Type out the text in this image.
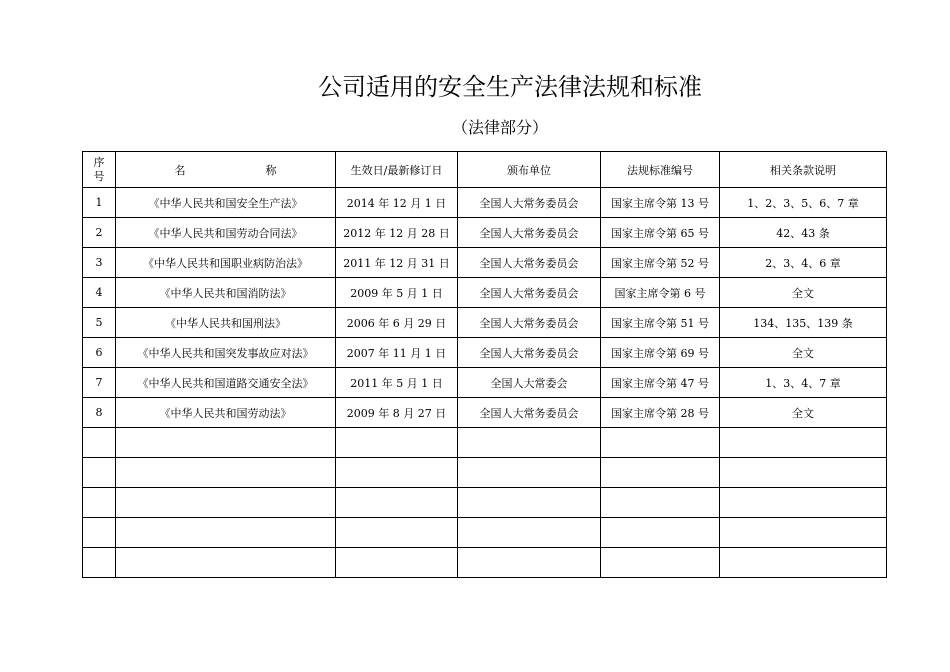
公司适用的安全生产法律法规和标准
（法律部分）
序
号	名 称	生效日/最新修订日	颁布单位	法规标准编号	相关条款说明
1	《中华人民共和国安全生产法》	2014 年 12 月 1 日	全国人大常务委员会	国家主席令第 13 号	1、2、3、5、6、7 章
2	《中华人民共和国劳动合同法》	2012 年 12 月 28 日	全国人大常务委员会	国家主席令第 65 号	42、43 条
3	《中华人民共和国职业病防治法》	2011 年 12 月 31 日	全国人大常务委员会	国家主席令第 52 号	2、3、4、6 章
4	《中华人民共和国消防法》	2009 年 5 月 1 日	全国人大常务委员会	国家主席令第 6 号	全文
5	《中华人民共和国刑法》	2006 年 6 月 29 日	全国人大常务委员会	国家主席令第 51 号	134、135、139 条
6	《中华人民共和国突发事故应对法》	2007 年 11 月 1 日	全国人大常务委员会	国家主席令第 69 号	全文
7	《中华人民共和国道路交通安全法》	2011 年 5 月 1 日	全国人大常委会	国家主席令第 47 号	1、3、4、7 章
8	《中华人民共和国劳动法》	2009 年 8 月 27 日	全国人大常务委员会	国家主席令第 28 号	全文
